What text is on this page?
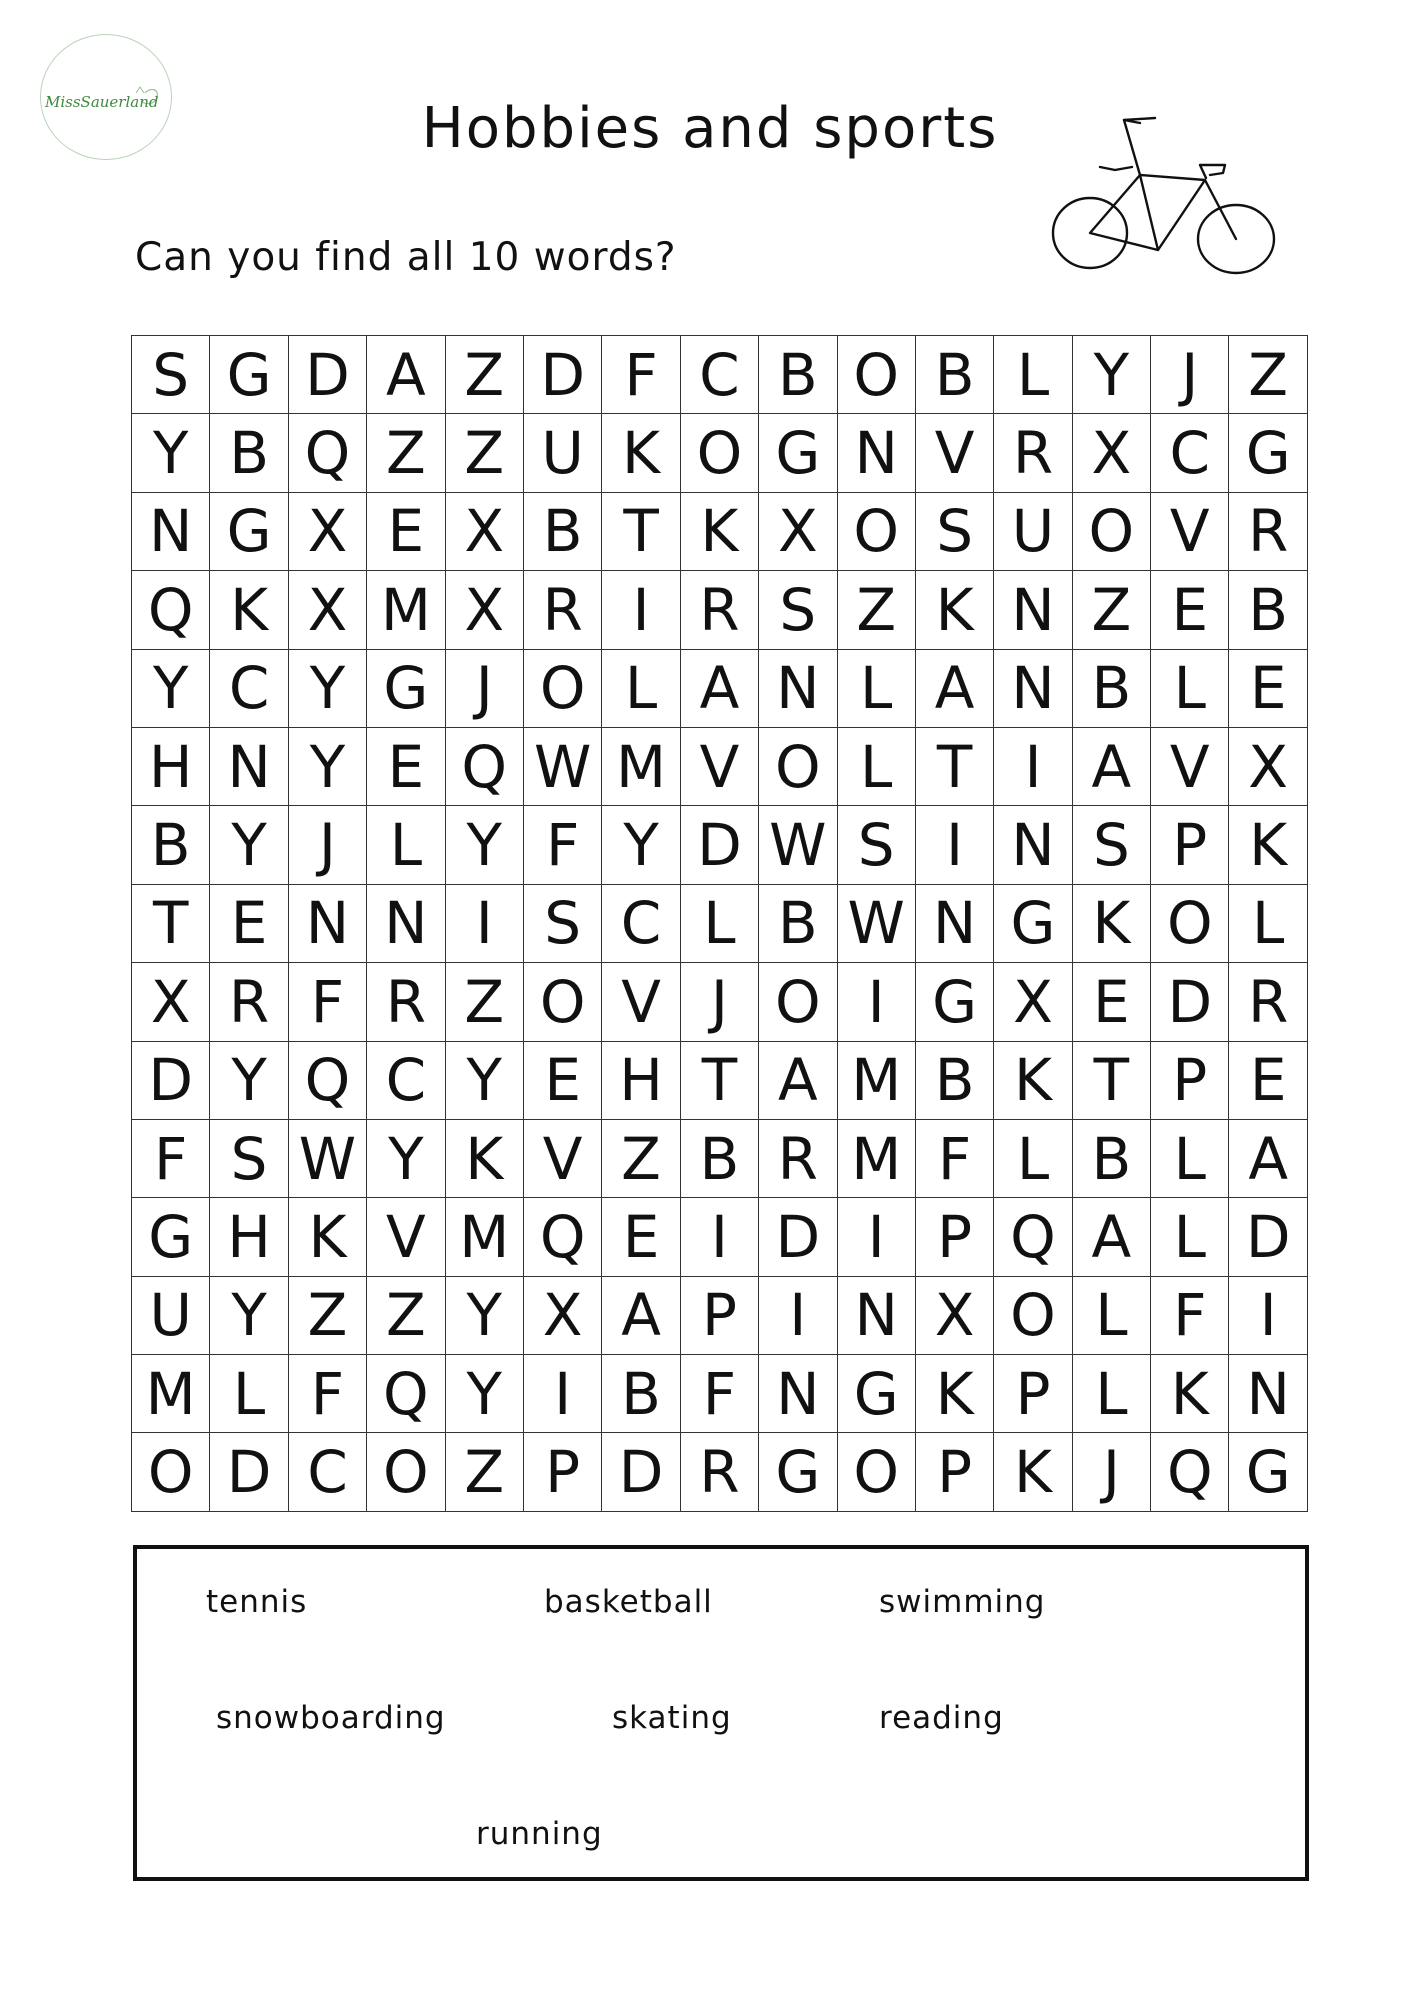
MissSauerland	Hobbies and sports
Can you find all 10 words?
S G D A Z D F C B O B L Y J Z
Y B Q Z Z U K O G N V R X C G
N G X E X B T K X O S U O V R
Q K X M X R I R S Z K N Z E B
Y C Y G J O L A N L A N B L E
H N Y E Q W M V O L T I A V X
B Y J L Y F Y D W S I N S P K
T E N N I S C L B W N G K O L
X R F R Z O V J O I G X E D R
D Y Q C Y E H T A M B K T P E
F S W Y K V Z B R M F L B L A
G H K V M Q E I D I P Q A L D
U Y Z Z Y X A P I N X O L F I
M L F Q Y I B F N G K P L K N
O D C O Z P D R G O P K J Q G
tennis	basketball	swimming
snowboarding	skating	reading
running
